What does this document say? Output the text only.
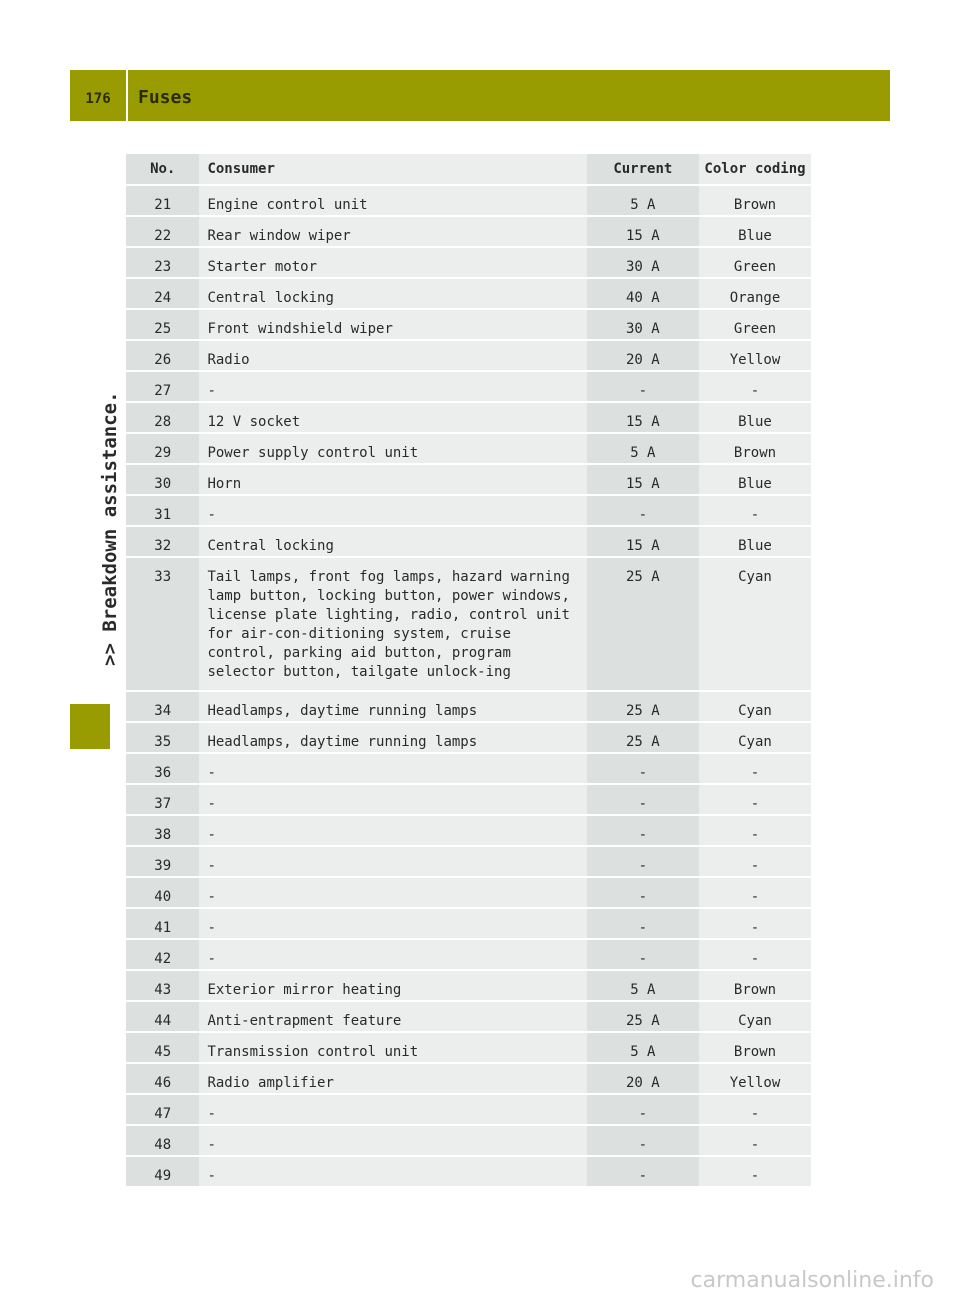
176	Fuses
>> Breakdown assistance.
No.	Consumer	Current	Color coding
21	Engine control unit	5 A	Brown
22	Rear window wiper	15 A	Blue
23	Starter motor	30 A	Green
24	Central locking	40 A	Orange
25	Front windshield wiper	30 A	Green
26	Radio	20 A	Yellow
27	-	-	-
28	12 V socket	15 A	Blue
29	Power supply control unit	5 A	Brown
30	Horn	15 A	Blue
31	-	-	-
32	Central locking	15 A	Blue
33	Tail lamps, front fog lamps, hazard warning lamp button, locking button, power windows, license plate lighting, radio, control unit for air-con-ditioning system, cruise control, parking aid button, program selector button, tailgate unlock-ing	25 A	Cyan
34	Headlamps, daytime running lamps	25 A	Cyan
35	Headlamps, daytime running lamps	25 A	Cyan
36	-	-	-
37	-	-	-
38	-	-	-
39	-	-	-
40	-	-	-
41	-	-	-
42	-	-	-
43	Exterior mirror heating	5 A	Brown
44	Anti-entrapment feature	25 A	Cyan
45	Transmission control unit	5 A	Brown
46	Radio amplifier	20 A	Yellow
47	-	-	-
48	-	-	-
49	-	-	-
carmanualsonline.info
